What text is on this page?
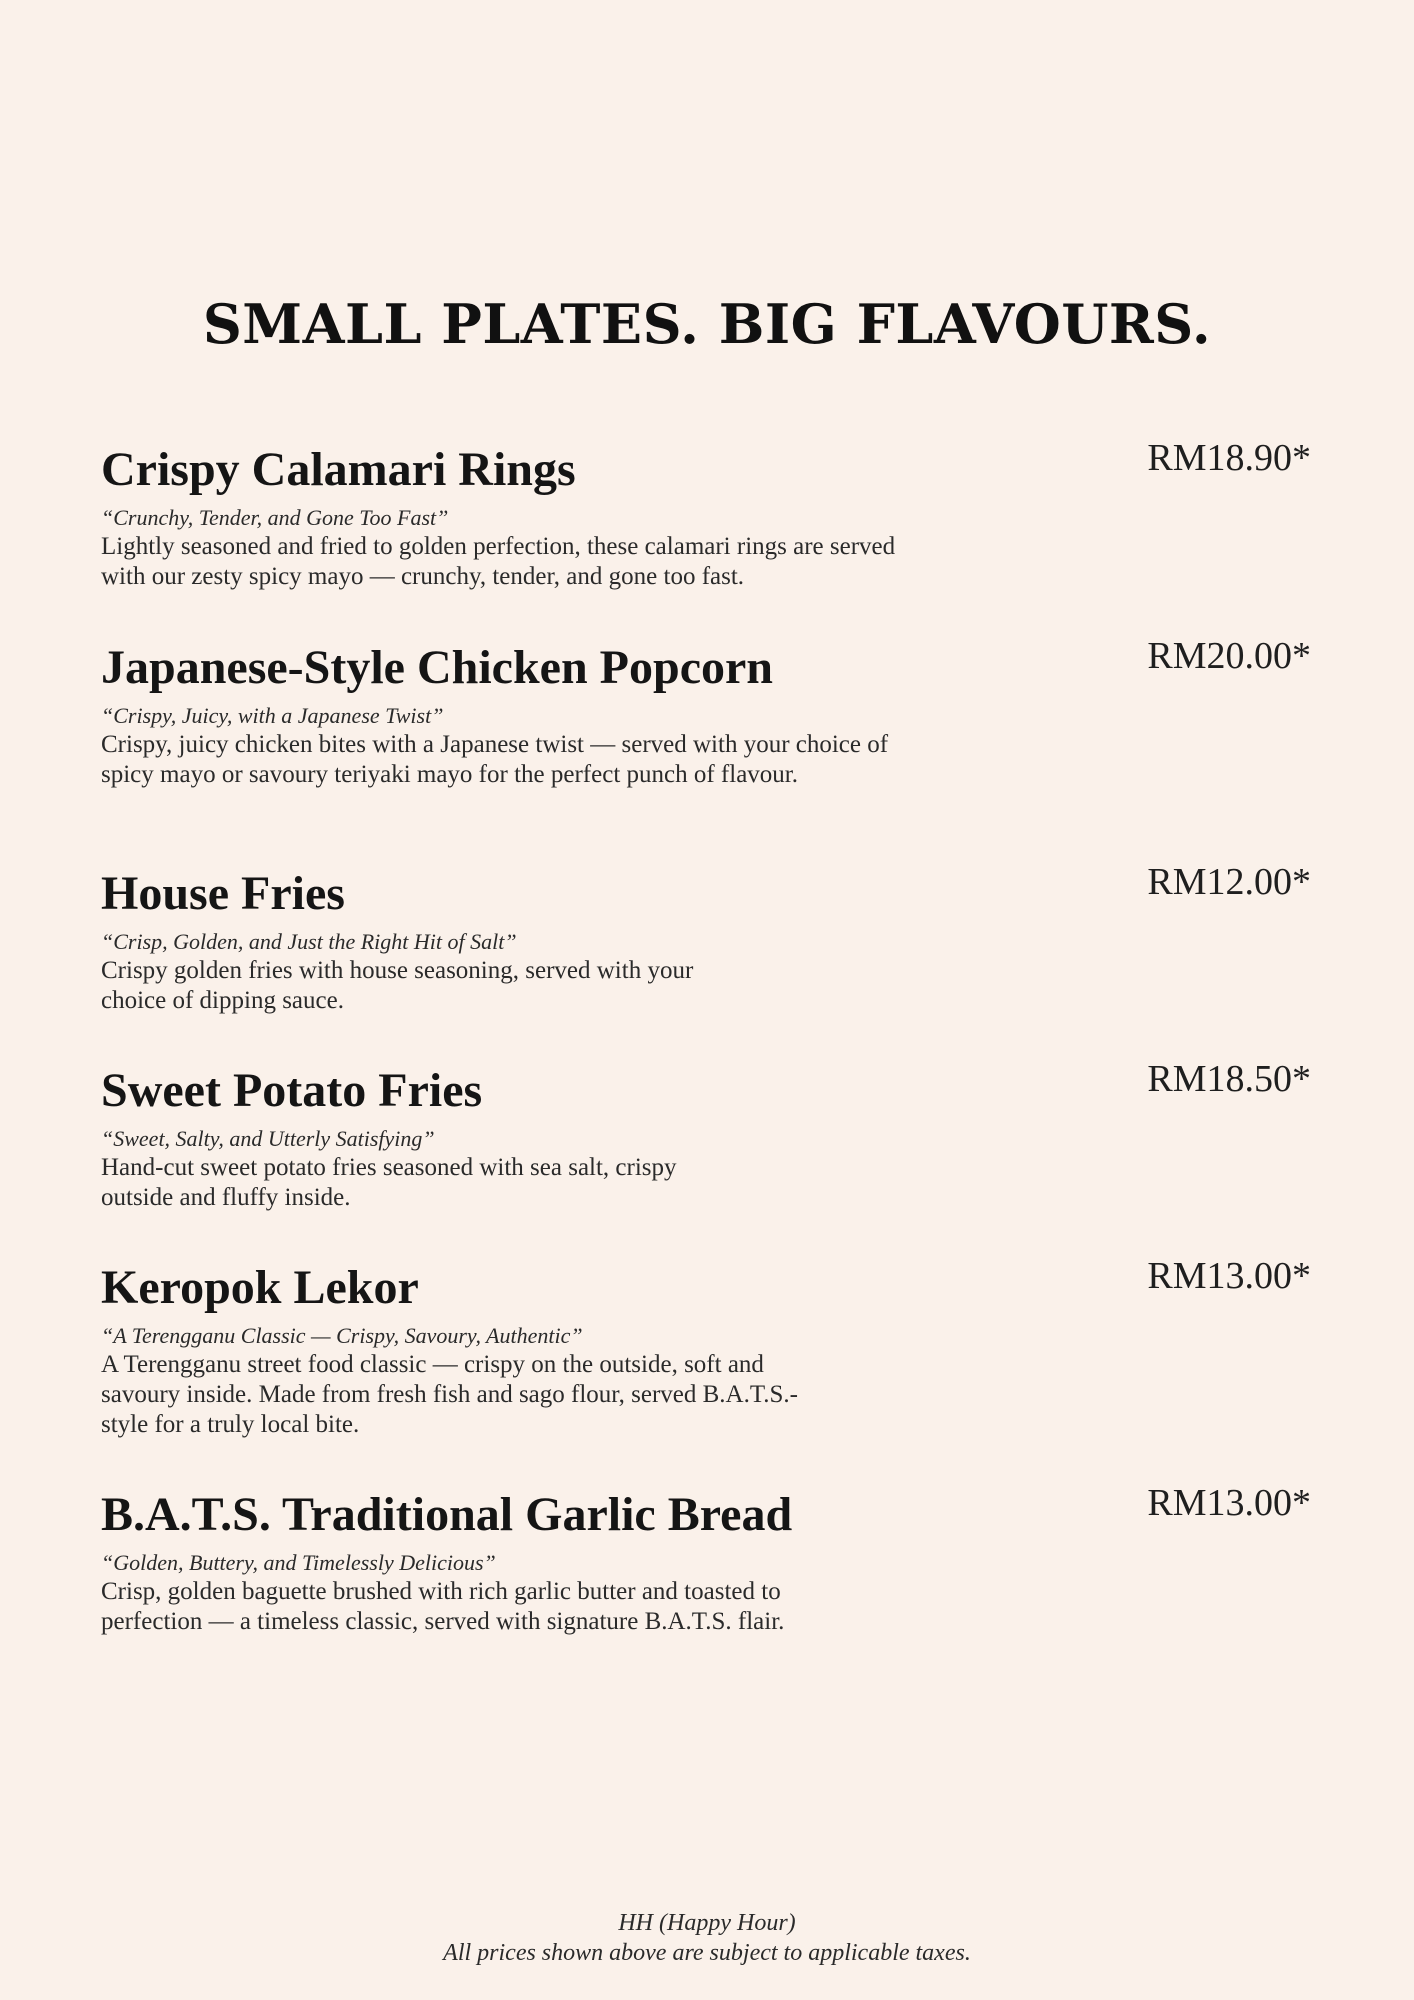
SMALL PLATES. BIG FLAVOURS.
Crispy Calamari Rings	RM18.90*
“Crunchy, Tender, and Gone Too Fast”
Lightly seasoned and fried to golden perfection, these calamari rings are served with our zesty spicy mayo — crunchy, tender, and gone too fast.
Japanese-Style Chicken Popcorn	RM20.00*
“Crispy, Juicy, with a Japanese Twist”
Crispy, juicy chicken bites with a Japanese twist — served with your choice of spicy mayo or savoury teriyaki mayo for the perfect punch of flavour.
House Fries	RM12.00*
“Crisp, Golden, and Just the Right Hit of Salt”
Crispy golden fries with house seasoning, served with your choice of dipping sauce.
Sweet Potato Fries	RM18.50*
“Sweet, Salty, and Utterly Satisfying”
Hand-cut sweet potato fries seasoned with sea salt, crispy outside and fluffy inside.
Keropok Lekor	RM13.00*
“A Terengganu Classic — Crispy, Savoury, Authentic”
A Terengganu street food classic — crispy on the outside, soft and savoury inside. Made from fresh fish and sago flour, served B.A.T.S.-style for a truly local bite.
B.A.T.S. Traditional Garlic Bread	RM13.00*
“Golden, Buttery, and Timelessly Delicious”
Crisp, golden baguette brushed with rich garlic butter and toasted to perfection — a timeless classic, served with signature B.A.T.S. flair.
HH (Happy Hour)
All prices shown above are subject to applicable taxes.
